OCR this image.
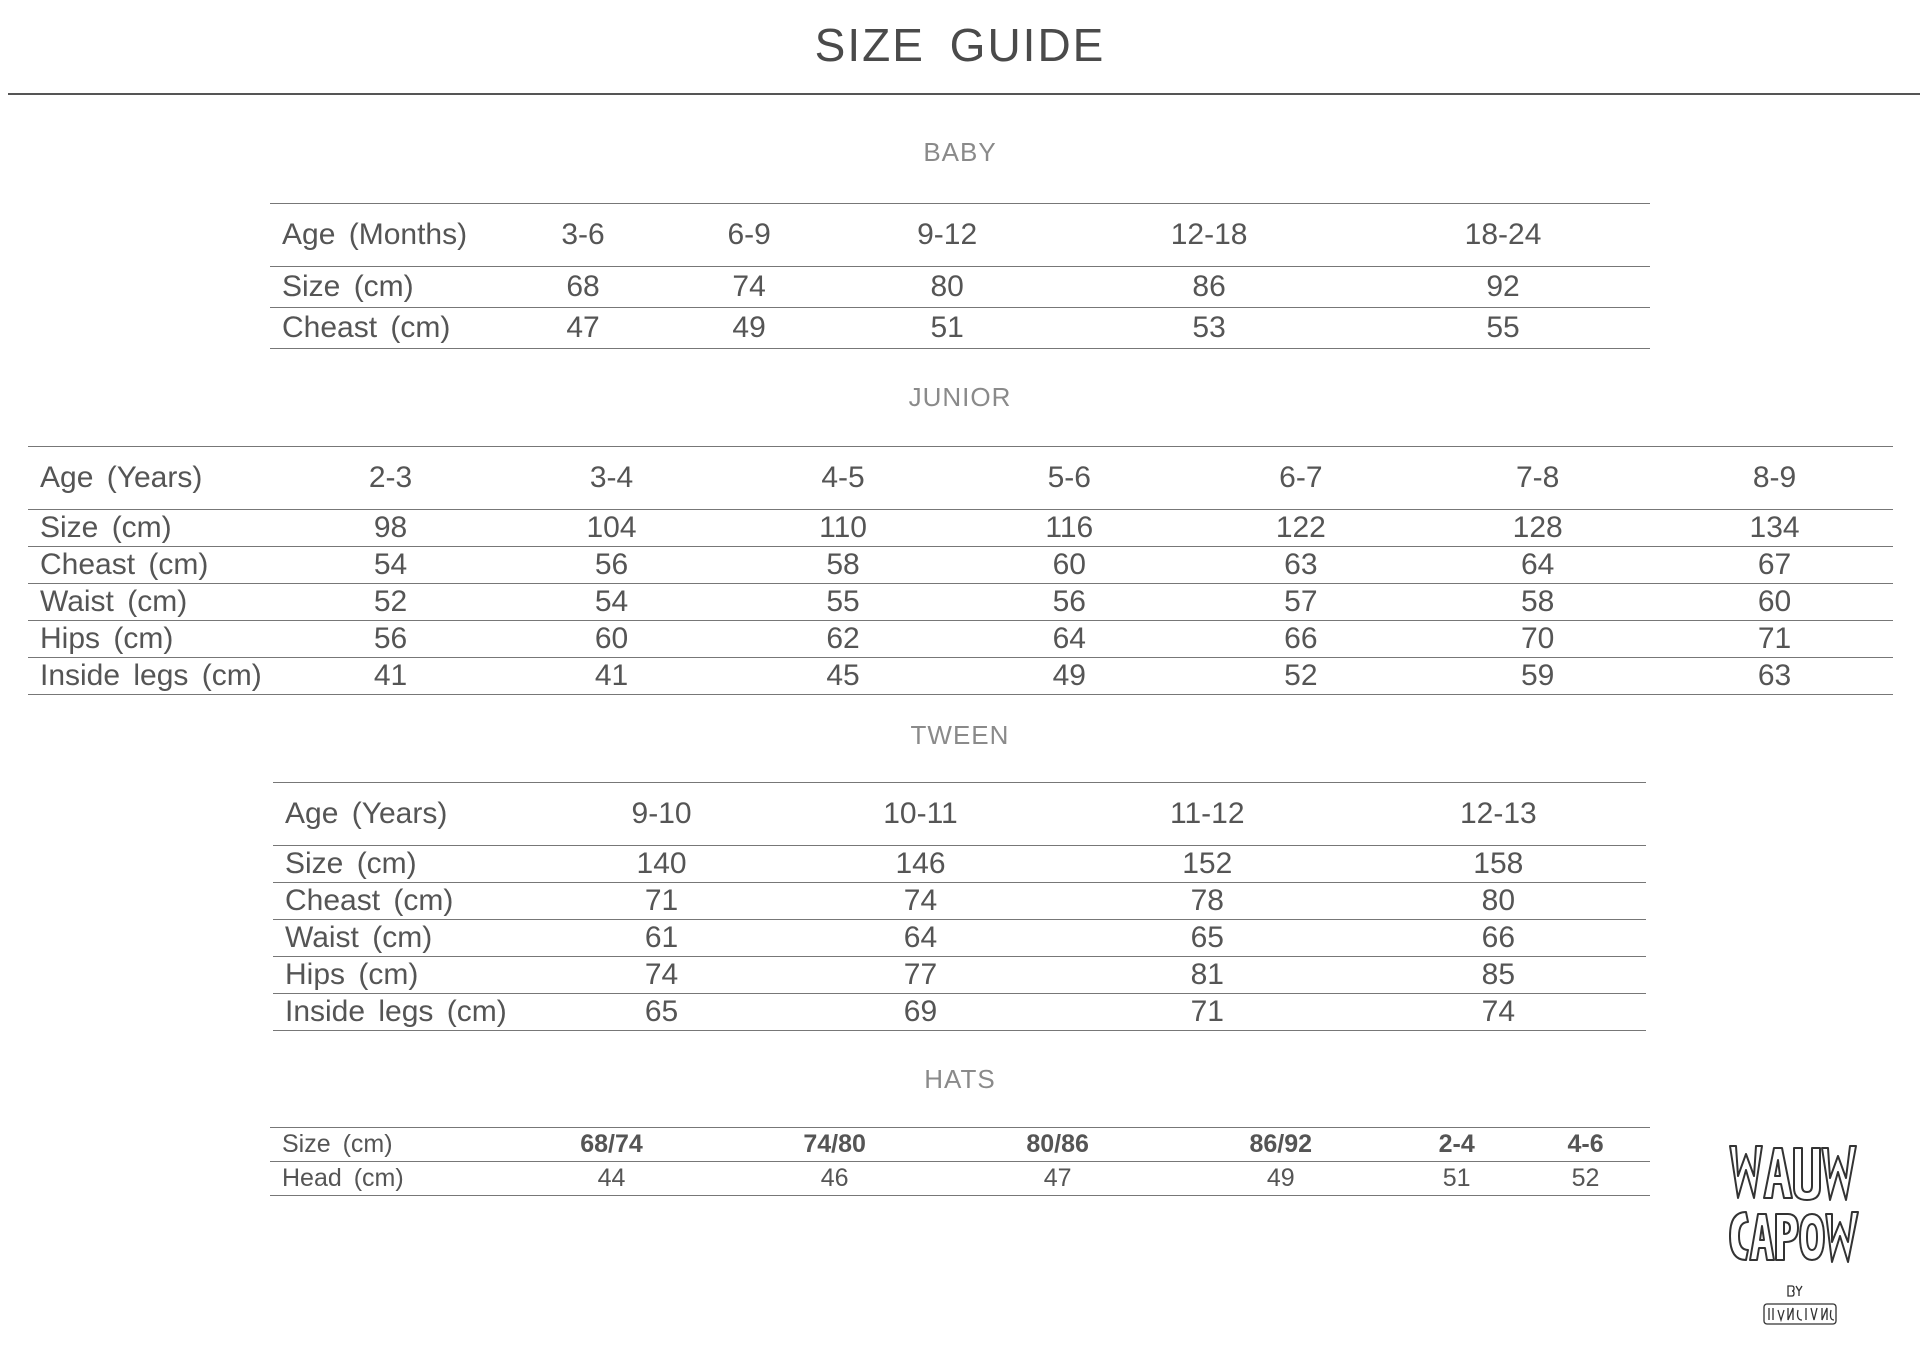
SIZE GUIDE
BABY
Age (Months)	3-6	6-9	9-12	12-18	18-24
Size (cm)	68	74	80	86	92
Cheast (cm)	47	49	51	53	55
JUNIOR
Age (Years)	2-3	3-4	4-5	5-6	6-7	7-8	8-9
Size (cm)	98	104	110	116	122	128	134
Cheast (cm)	54	56	58	60	63	64	67
Waist (cm)	52	54	55	56	57	58	60
Hips (cm)	56	60	62	64	66	70	71
Inside legs (cm)	41	41	45	49	52	59	63
TWEEN
Age (Years)	9-10	10-11	11-12	12-13
Size (cm)	140	146	152	158
Cheast (cm)	71	74	78	80
Waist (cm)	61	64	65	66
Hips (cm)	74	77	81	85
Inside legs (cm)	65	69	71	74
HATS
Size (cm)	68/74	74/80	80/86	86/92	2-4	4-6
Head (cm)	44	46	47	49	51	52
